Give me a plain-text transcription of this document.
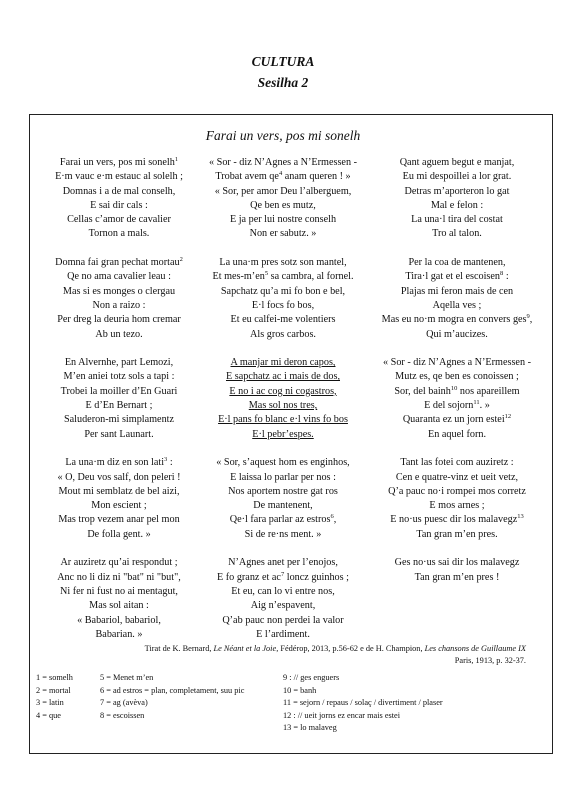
CULTURA
Sesilha 2
Farai un vers, pos mi sonelh
Farai un vers, pos mi sonelh$^1$
E·m vauc e·m estauc al solelh ;
Domnas i a de mal conselh,
E sai dir cals :
Cellas c’amor de cavalier
Tornon a mals.
Domna fai gran pechat mortau$^2$
Qe no ama cavalier leau :
Mas si es monges o clergau
Non a raizo :
Per dreg la deuria hom cremar
Ab un tezo.
En Alvernhe, part Lemozi,
M’en aniei totz sols a tapi :
Trobei la moiller d’En Guari
E d’En Bernart ;
Saluderon-mi simplamentz
Per sant Launart.
La una·m diz en son lati$^3$ :
« O, Deu vos salf, don peleri !
Mout mi semblatz de bel aizi,
Mon escient ;
Mas trop vezem anar pel mon
De folla gent. »
Ar auziretz qu’ai respondut ;
Anc no li diz ni "bat" ni "but",
Ni fer ni fust no ai mentagut,
Mas sol aitan :
« Babariol, babariol,
Babarian. »
« Sor - diz N’Agnes a N’Ermessen -
Trobat avem $qe^4$ anam queren ! »
« Sor, per amor Deu l’alberguem,
Qe ben es mutz,
E ja per lui nostre conselh
Non er sabutz. »
La una·m pres sotz son mantel,
Et mes-$m’en^5$ sa cambra, al fornel.
Sapchatz qu’a mi fo bon e bel,
E·l focs fo bos,
Et eu calfei-me volentiers
Als gros carbos.
A manjar mi deron capos,
E sapchatz ac i mais de dos,
E no i ac cog ni cogastros,
Mas sol nos tres,
E·l pans fo blanc e·l vins fo bos
E·l pebr’espes.
« Sor, s’aquest hom es enginhos,
E laissa lo parlar per nos :
Nos aportem nostre gat ros
De mantenent,
Qe·l fara parlar az estros$^6$,
Si de re·ns ment. »
N’Agnes anet per l’enojos,
E fo granz et $ac^7$ loncz guinhos ;
Et eu, can lo vi entre nos,
Aig n’espavent,
Q’ab pauc non perdei la valor
E l’ardiment.
Qant aguem begut e manjat,
Eu mi despoillei a lor grat.
Detras m’aporteron lo gat
Mal e felon :
La una·l tira del costat
Tro al talon.
Per la coa de mantenen,
Tira·l gat et el escoisen$^8$ :
Plajas mi feron mais de cen
Aqella ves ;
Mas eu no·m mogra en convers ges$^9$,
Qui m’aucizes.
« Sor - diz N’Agnes a N’Ermessen -
Mutz es, qe ben es conoissen ;
Sor, del bainh$^{10}$ nos apareillem
E del sojorn$^{11}$. »
Quaranta ez un jorn estei$^{12}$
En aquel forn.
Tant las fotei com auziretz :
Cen e quatre-vinz et ueit vetz,
Q’a pauc no·i rompei mos corretz
E mos arnes ;
E no·us puesc dir los malavegz$^{13}$
Tan gran m’en pres.
Ges no·us sai dir los malavegz
Tan gran m’en pres !
Tirat de K. Bernard, Le Néant et la Joie, Fédérop, 2013, p.56-62 e de H. Champion, Les chansons de Guillaume IX
Paris, 1913, p. 32-37.
1 = somelh
2 = mortal
3 = latin
4 = que
5 = Menet m’en
6 = ad estros = plan, completament, suu pic
7 = ag (avèva)
8 = escoissen
9 : // ges enguers
10 = banh
11 = sejorn / repaus / solaç / divertiment / plaser
12 : // ueit jorns ez encar mais estei
13 = lo malaveg
